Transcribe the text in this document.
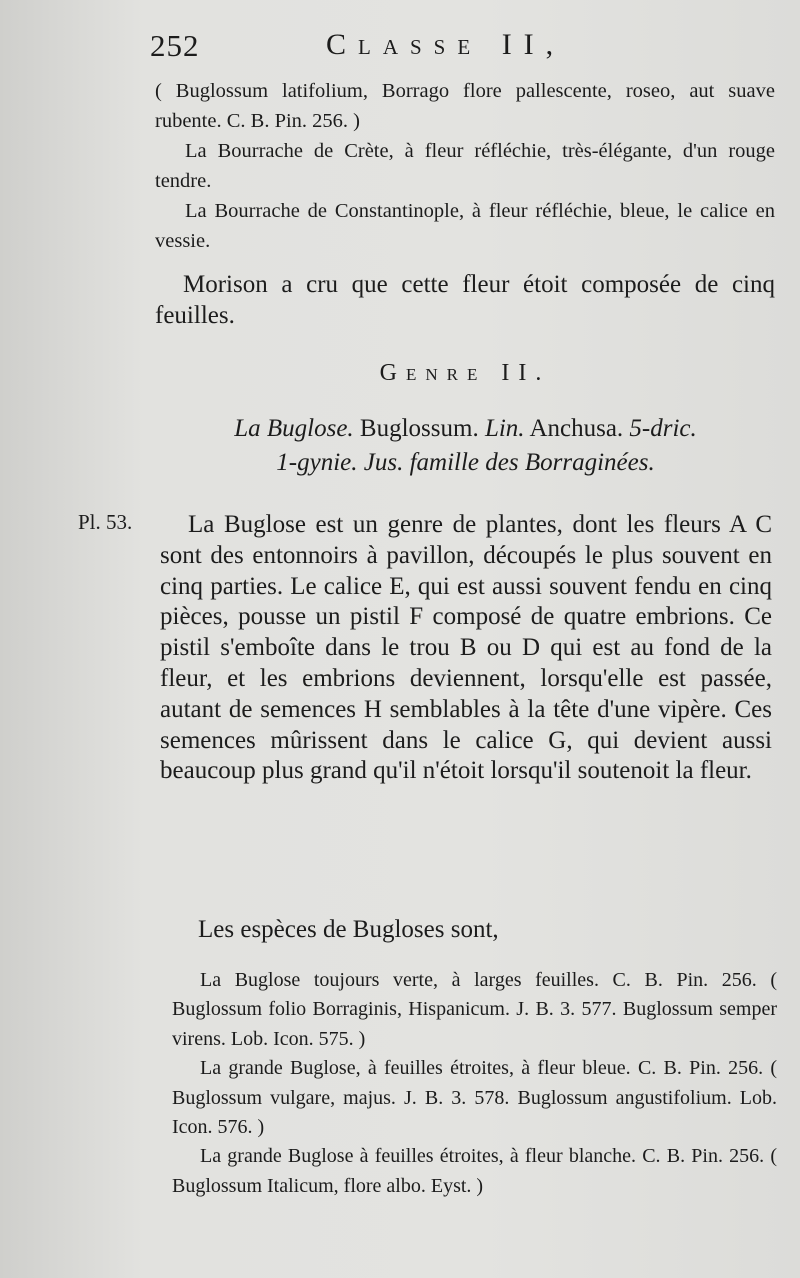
252	Classe II,

( Buglossum latifolium, Borrago flore pallescente, roseo, aut suave rubente. C. B. Pin. 256. )

La Bourrache de Crète, à fleur réfléchie, très-élégante, d'un rouge tendre.

La Bourrache de Constantinople, à fleur réfléchie, bleue, le calice en vessie.

Morison a cru que cette fleur étoit composée de cinq feuilles.

Genre II.
La Buglose. Buglossum. Lin. Anchusa. 5-dric.
1-gynie. Jus. famille des Borraginées.
Pl. 53.	La Buglose est un genre de plantes, dont les fleurs A C sont des entonnoirs à pavillon, découpés le plus souvent en cinq parties. Le calice E, qui est aussi souvent fendu en cinq pièces, pousse un pistil F composé de quatre embrions. Ce pistil s'emboîte dans le trou B ou D qui est au fond de la fleur, et les embrions deviennent, lorsqu'elle est passée, autant de semences H semblables à la tête d'une vipère. Ces semences mûrissent dans le calice G, qui devient aussi beaucoup plus grand qu'il n'étoit lorsqu'il soutenoit la fleur.

Les espèces de Bugloses sont,

La Buglose toujours verte, à larges feuilles. C. B. Pin. 256. ( Buglossum folio Borraginis, Hispanicum. J. B. 3. 577. Buglossum semper virens. Lob. Icon. 575. )

La grande Buglose, à feuilles étroites, à fleur bleue. C. B. Pin. 256. ( Buglossum vulgare, majus. J. B. 3. 578. Buglossum angustifolium. Lob. Icon. 576. )

La grande Buglose à feuilles étroites, à fleur blanche. C. B. Pin. 256. ( Buglossum Italicum, flore albo. Eyst. )
